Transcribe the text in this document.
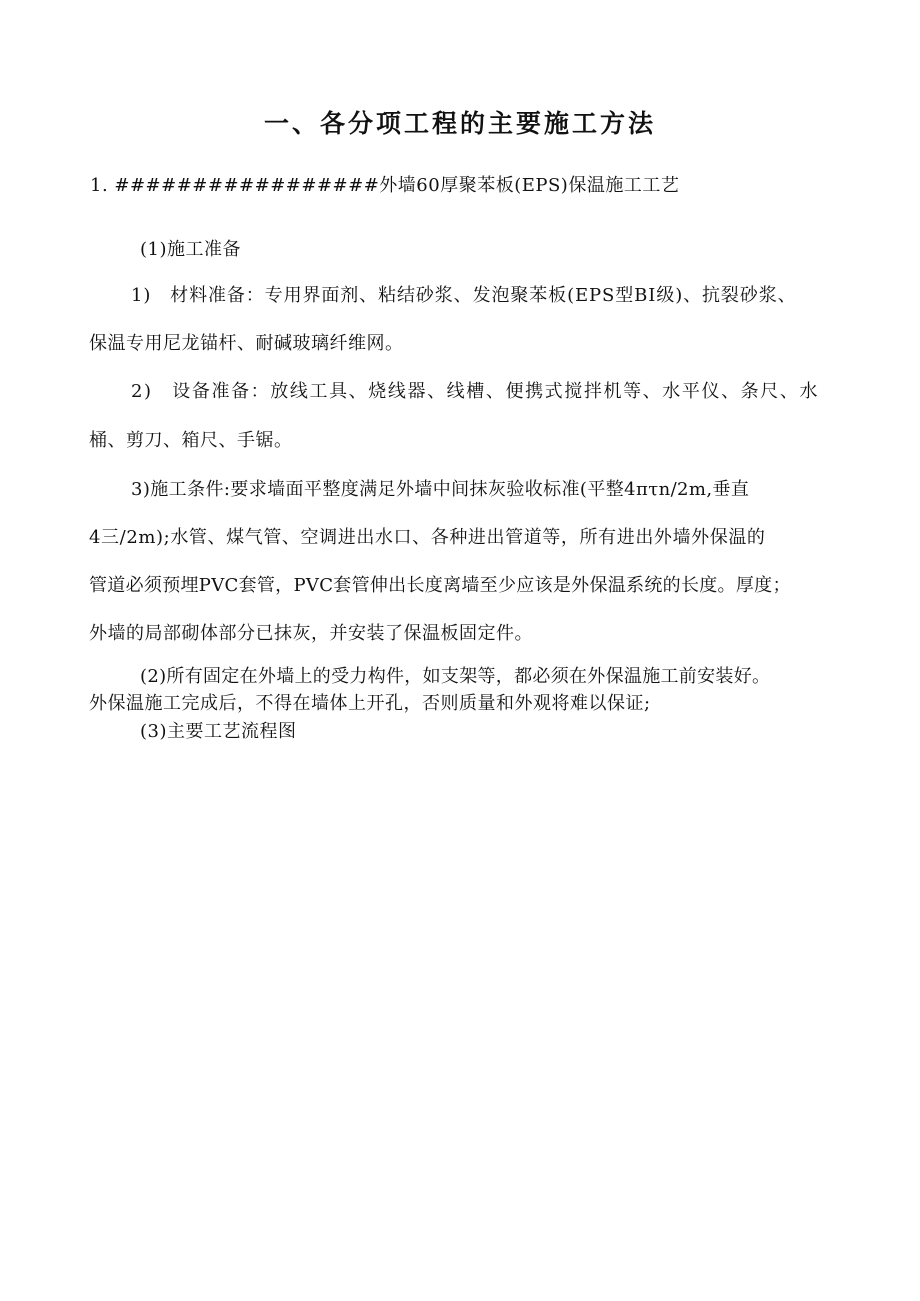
一、各分项工程的主要施工方法
1. #################外墙60厚聚苯板(EPS)保温施工工艺
(1)施工准备
1)　材料准备：专用界面剂、粘结砂浆、发泡聚苯板(EPS型BI级)、抗裂砂浆、
保温专用尼龙锚杆、耐碱玻璃纤维网。
2)　设备准备：放线工具、烧线器、线槽、便携式搅拌机等、水平仪、条尺、水
桶、剪刀、箱尺、手锯。
3)施工条件:要求墙面平整度满足外墙中间抹灰验收标准(平整4πτn/2m,垂直
4三/2m);水管、煤气管、空调进出水口、各种进出管道等，所有进出外墙外保温的
管道必须预埋PVC套管，PVC套管伸出长度离墙至少应该是外保温系统的长度。厚度；
外墙的局部砌体部分已抹灰，并安装了保温板固定件。
(2)所有固定在外墙上的受力构件，如支架等，都必须在外保温施工前安装好。
外保温施工完成后，不得在墙体上开孔，否则质量和外观将难以保证;
(3)主要工艺流程图
